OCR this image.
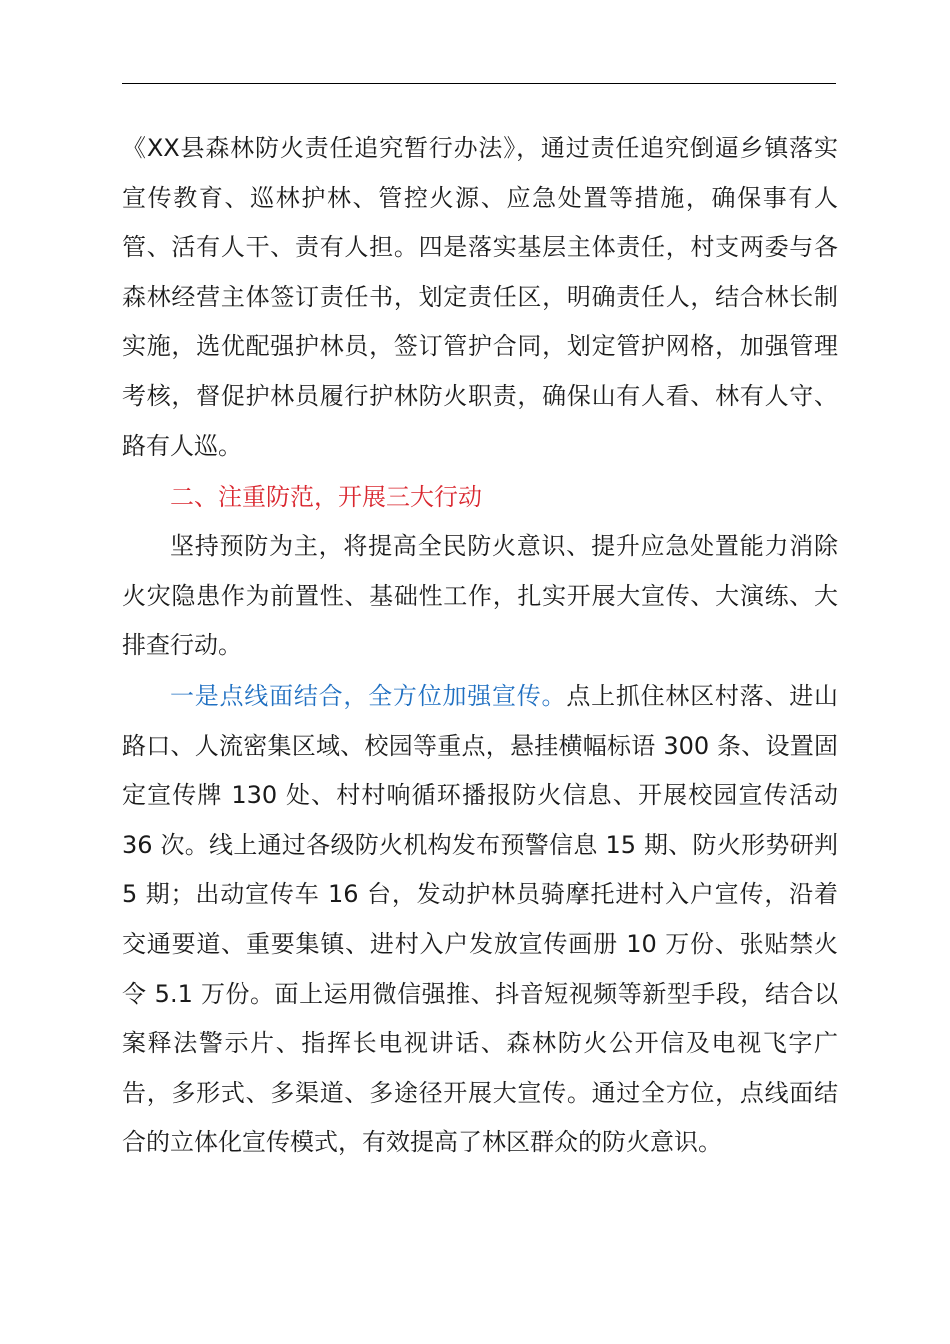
《XX县森林防火责任追究暂行办法》，通过责任追究倒逼乡镇落实宣传教育、巡林护林、管控火源、应急处置等措施，确保事有人管、活有人干、责有人担。四是落实基层主体责任，村支两委与各森林经营主体签订责任书，划定责任区，明确责任人，结合林长制实施，选优配强护林员，签订管护合同，划定管护网格，加强管理考核，督促护林员履行护林防火职责，确保山有人看、林有人守、路有人巡。

二、注重防范，开展三大行动

坚持预防为主，将提高全民防火意识、提升应急处置能力消除火灾隐患作为前置性、基础性工作，扎实开展大宣传、大演练、大排查行动。

一是点线面结合，全方位加强宣传。点上抓住林区村落、进山路口、人流密集区域、校园等重点，悬挂横幅标语 300 条、设置固定宣传牌 130 处、村村响循环播报防火信息、开展校园宣传活动 36 次。线上通过各级防火机构发布预警信息 15 期、防火形势研判 5 期；出动宣传车 16 台，发动护林员骑摩托进村入户宣传，沿着交通要道、重要集镇、进村入户发放宣传画册 10 万份、张贴禁火令 5.1 万份。面上运用微信强推、抖音短视频等新型手段，结合以案释法警示片、指挥长电视讲话、森林防火公开信及电视飞字广告，多形式、多渠道、多途径开展大宣传。通过全方位，点线面结合的立体化宣传模式，有效提高了林区群众的防火意识。
